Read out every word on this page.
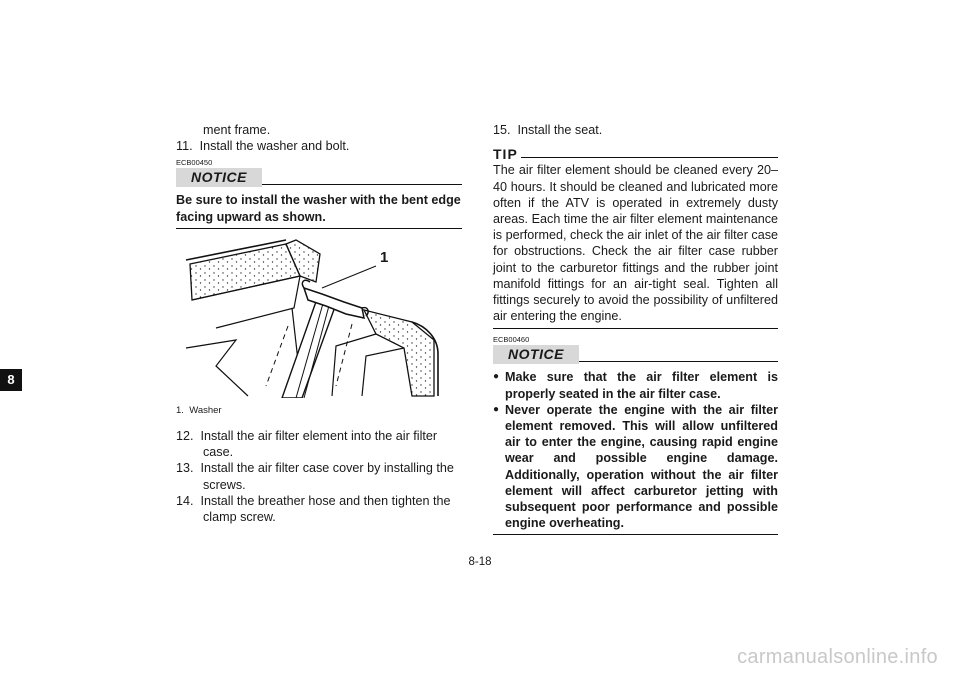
8

ment frame.

11.  Install the washer and bolt.

ECB00450
NOTICE

Be sure to install the washer with the bent edge facing upward as shown.

1
1.  Washer

12.  Install the air filter element into the air filter case.

13.  Install the air filter case cover by installing the screws.

14.  Install the breather hose and then tighten the clamp screw.

15.  Install the seat.

TIP

The air filter element should be cleaned every 20–40 hours. It should be cleaned and lubricated more often if the ATV is operated in extremely dusty areas. Each time the air filter element maintenance is performed, check the air inlet of the air filter case for obstructions. Check the air filter case rubber joint to the carburetor fittings and the rubber joint manifold fittings for an air-tight seal. Tighten all fittings securely to avoid the possibility of unfiltered air entering the engine.

ECB00460
NOTICE
● Make sure that the air filter element is properly seated in the air filter case.
● Never operate the engine with the air filter element removed. This will allow unfiltered air to enter the engine, causing rapid engine wear and possible engine damage. Additionally, operation without the air filter element will affect carburetor jetting with subsequent poor performance and possible engine overheating.
8-18
carmanualsonline.info
